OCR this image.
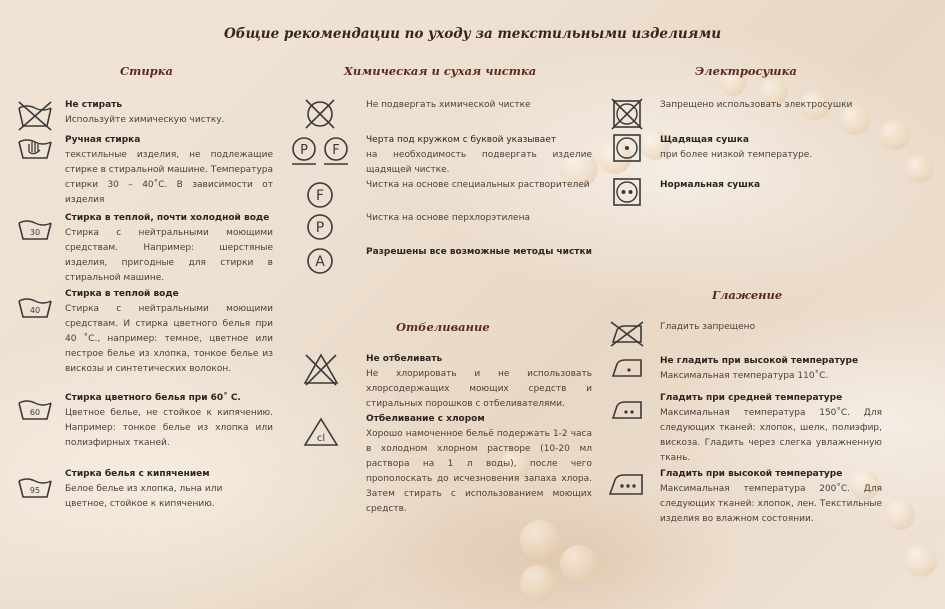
Общие рекомендации по уходу за текстильными изделиями
Стирка	Химическая и сухая чистка	Электросушка
Глажение
Отбеливание
30
40
60
95
Не стирать
Используйте химическую чистку.
Ручная стирка
текстильные изделия, не подлежащие стирке в стиральной машине. Температура стирки 30 – 40˚С. В зависимости от изделия
Стирка в теплой, почти холодной воде
Стирка с нейтральными моющими средствам. Например: шерстяные изделия, пригодные для стирки в стиральной машине.
Стирка в теплой воде
Стирка с нейтральными моющими средствам. И стирка цветного белья при 40 ˚С., например: темное, цветное или пестрое белье из хлопка, тонкое белье из вискозы и синтетических волокон.
Стирка цветного белья при 60˚ С.
Цветное белье, не стойкое к кипячению. Например: тонкое белье из хлопка или полиэфирных тканей.
Стирка белья с кипячением
Белое белье из хлопка, льна или цветное, стойкое к кипячению.
P F
F
P
A
Не подвергать химической чистке
Черта под кружком с буквой указывает
на необходимость подвергать изделие щадящей чистке.
Чистка на основе специальных растворителей
Чистка на основе перхлорэтилена
Разрешены все возможные методы чистки
cl
Не отбеливать
Не хлорировать и не использовать хлорсодержащих моющих средств и стиральных порошков с отбеливателями.
Отбеливание с хлором
Хорошо намоченное бельё подержать 1-2 часа в холодном хлорном растворе (10-20 мл раствора на 1 л воды), после чего прополоскать до исчезновения запаха хлора. Затем стирать с использованием моющих средств.
Запрещено использовать электросушки
Щадящая сушка
при более низкой температуре.
Нормальная сушка
Гладить запрещено
Не гладить при высокой температуре
Максимальная температура 110˚С.
Гладить при средней температуре
Максимальная температура 150˚С. Для следующих тканей: хлопок, шелк, полиэфир, вискоза. Гладить через слегка увлажненную ткань.
Гладить при высокой температуре
Максимальная температура 200˚С. Для следующих тканей: хлопок, лен. Текстильные изделия во влажном состоянии.
